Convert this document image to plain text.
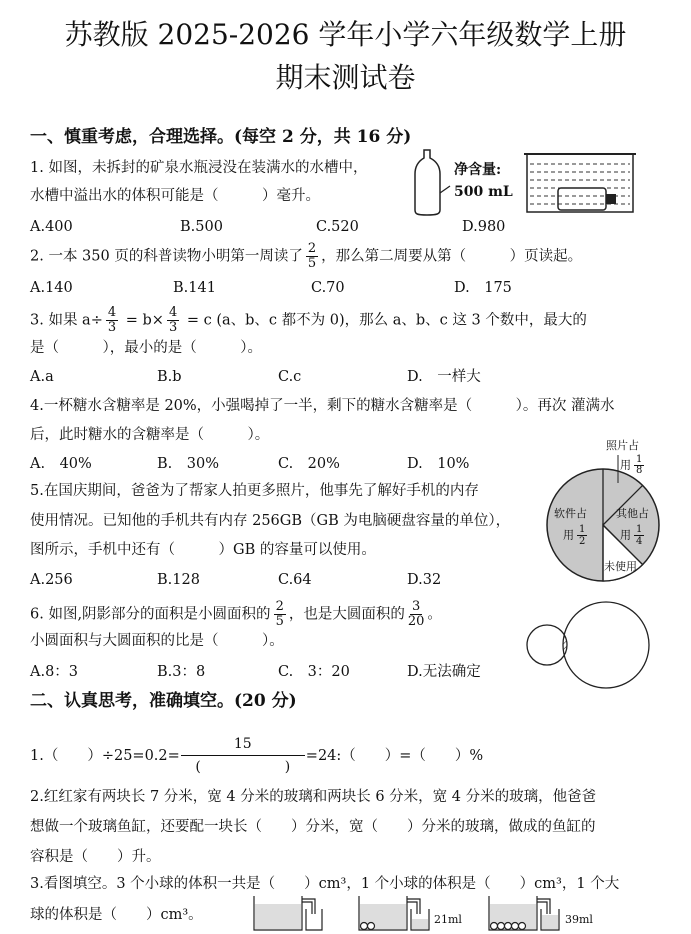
苏教版 2025-2026 学年小学六年级数学上册
期末测试卷
一、慎重考虑，合理选择。(每空 2 分，共 16 分)
1. 如图，未拆封的矿泉水瓶浸没在装满水的水槽中，
水槽中溢出水的体积可能是（　　　）毫升。
净含量:
500 mL
A.400	B.500	C.520	D.980
2. 一本 350 页的科普读物小明第一周读了 $\frac{2}{5}$ ，那么第二周要从第（　　　）页读起。
A.140	B.141	C.70	D.　175
3. 如果 $a\div \frac{4}{3} = b\times \frac{4}{3} = c$ (a、b、c 都不为 0)，那么 a、b、c 这 3 个数中，最大的
是（　　　），最小的是（　　　）。
A.a	B.b	C.c	D.　一样大
4.一杯糖水含糖率是 20%，小强喝掉了一半，剩下的糖水含糖率是（　　　）。再次 灌满水
后，此时糖水的含糖率是（　　　）。
A.　40%	B.　30%	C.　20%	D.　10%
5.在国庆期间，爸爸为了帮家人拍更多照片，他事先了解好手机的内存
使用情况。已知他的手机共有内存 256GB（GB 为电脑硬盘容量的单位），
图所示，手机中还有（　　　）GB 的容量可以使用。
A.256	B.128	C.64	D.32
照片占
用 $\frac{1}{8}$
软件占
用 $\frac{1}{2}$
其他占
用 $\frac{1}{4}$
未使用
6. 如图,阴影部分的面积是小圆面积的 $\frac{2}{5}$ ，也是大圆面积的 $\frac{3}{20}$ 。
小圆面积与大圆面积的比是（　　　）。
A.8：3	B.3：8	C.　3：20	D.无法确定
二、认真思考，准确填空。(20 分)
1.（　　）$\div 25=0.2= \frac{15}{( )}$ =24:（　　）=（　　）%
2.红红家有两块长 7 分米，宽 4 分米的玻璃和两块长 6 分米，宽 4 分米的玻璃，他爸爸
想做一个玻璃鱼缸，还要配一块长（　　）分米，宽（　　）分米的玻璃，做成的鱼缸的
容积是（　　）升。
3.看图填空。3 个小球的体积一共是（　　）cm³，1 个小球的体积是（　　）cm³，1 个大
球的体积是（　　）cm³。	21ml	39ml
